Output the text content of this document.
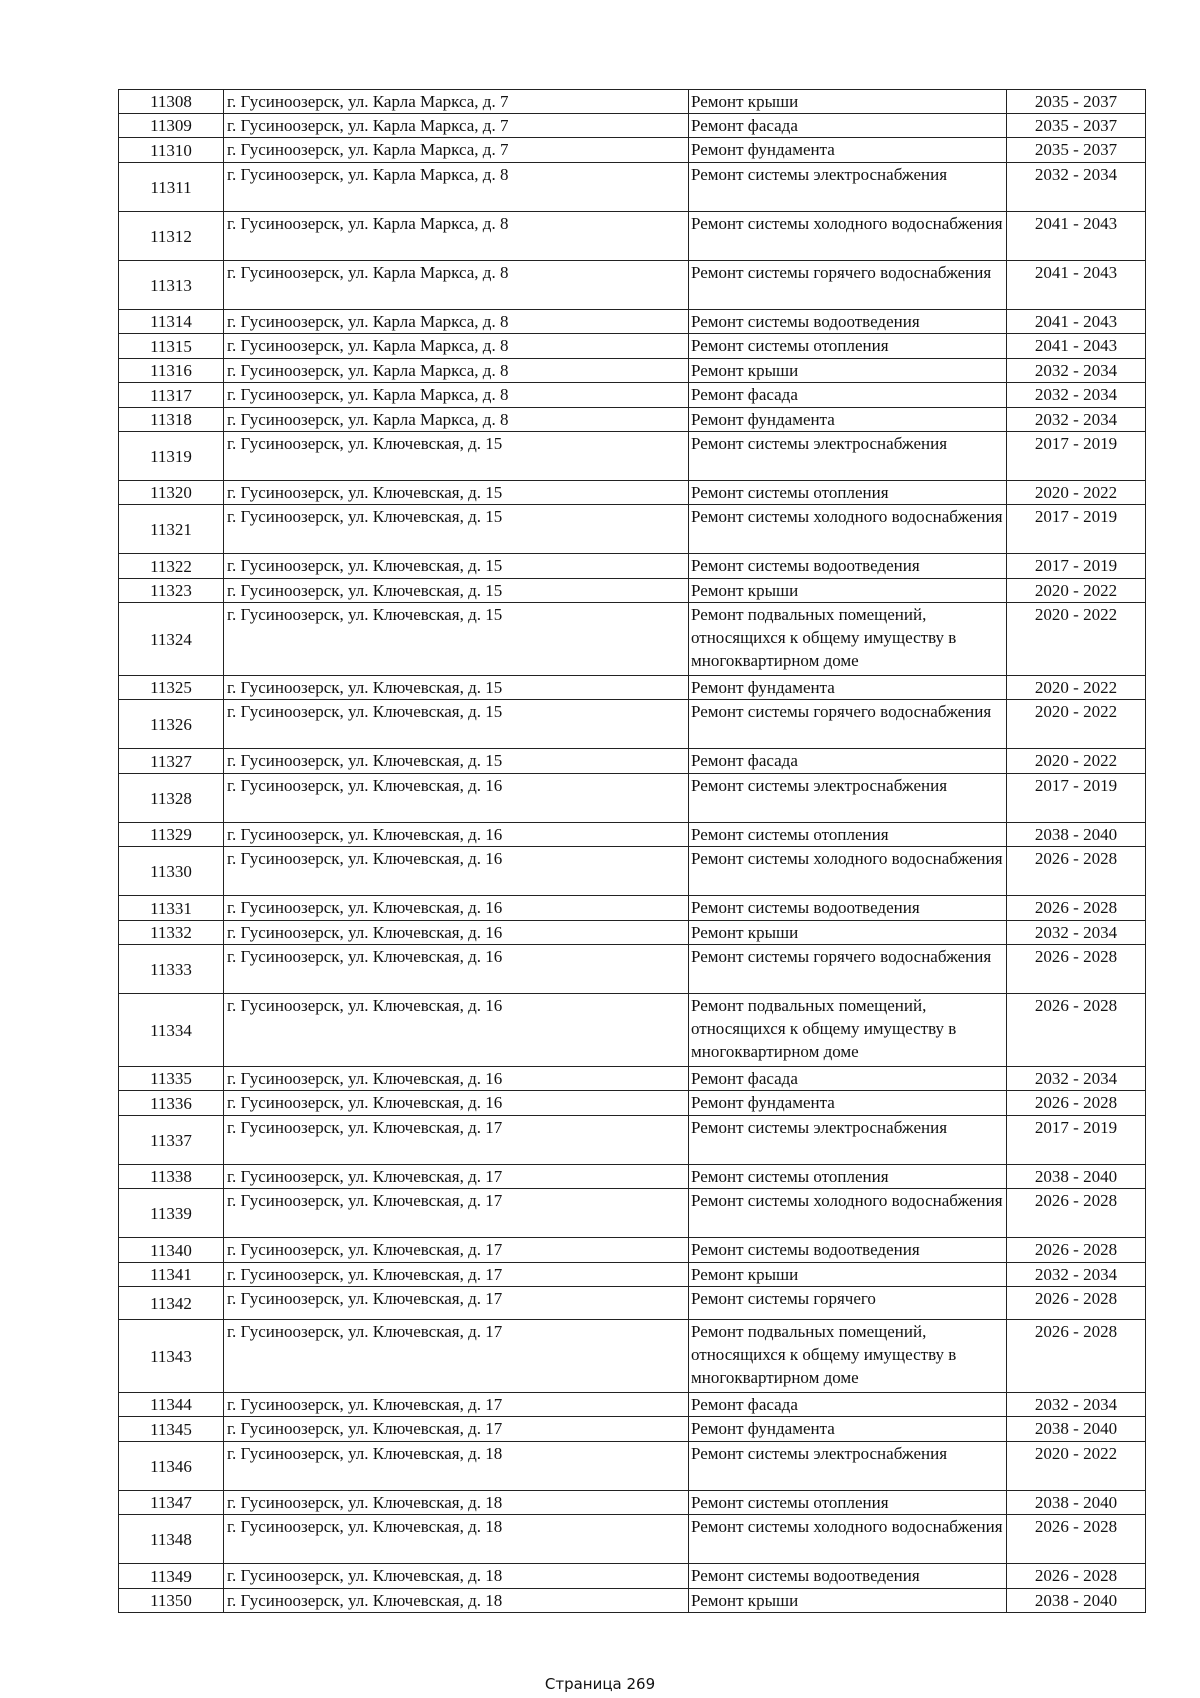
11308	г. Гусиноозерск, ул. Карла Маркса, д. 7	Ремонт крыши	2035 - 2037
11309	г. Гусиноозерск, ул. Карла Маркса, д. 7	Ремонт фасада	2035 - 2037
11310	г. Гусиноозерск, ул. Карла Маркса, д. 7	Ремонт фундамента	2035 - 2037
11311	г. Гусиноозерск, ул. Карла Маркса, д. 8	Ремонт системы электроснабжения	2032 - 2034
11312	г. Гусиноозерск, ул. Карла Маркса, д. 8	Ремонт системы холодного водоснабжения	2041 - 2043
11313	г. Гусиноозерск, ул. Карла Маркса, д. 8	Ремонт системы горячего водоснабжения	2041 - 2043
11314	г. Гусиноозерск, ул. Карла Маркса, д. 8	Ремонт системы водоотведения	2041 - 2043
11315	г. Гусиноозерск, ул. Карла Маркса, д. 8	Ремонт системы отопления	2041 - 2043
11316	г. Гусиноозерск, ул. Карла Маркса, д. 8	Ремонт крыши	2032 - 2034
11317	г. Гусиноозерск, ул. Карла Маркса, д. 8	Ремонт фасада	2032 - 2034
11318	г. Гусиноозерск, ул. Карла Маркса, д. 8	Ремонт фундамента	2032 - 2034
11319	г. Гусиноозерск, ул. Ключевская, д. 15	Ремонт системы электроснабжения	2017 - 2019
11320	г. Гусиноозерск, ул. Ключевская, д. 15	Ремонт системы отопления	2020 - 2022
11321	г. Гусиноозерск, ул. Ключевская, д. 15	Ремонт системы холодного водоснабжения	2017 - 2019
11322	г. Гусиноозерск, ул. Ключевская, д. 15	Ремонт системы водоотведения	2017 - 2019
11323	г. Гусиноозерск, ул. Ключевская, д. 15	Ремонт крыши	2020 - 2022
11324	г. Гусиноозерск, ул. Ключевская, д. 15	Ремонт подвальных помещений, относящихся к общему имуществу в многоквартирном доме	2020 - 2022
11325	г. Гусиноозерск, ул. Ключевская, д. 15	Ремонт фундамента	2020 - 2022
11326	г. Гусиноозерск, ул. Ключевская, д. 15	Ремонт системы горячего водоснабжения	2020 - 2022
11327	г. Гусиноозерск, ул. Ключевская, д. 15	Ремонт фасада	2020 - 2022
11328	г. Гусиноозерск, ул. Ключевская, д. 16	Ремонт системы электроснабжения	2017 - 2019
11329	г. Гусиноозерск, ул. Ключевская, д. 16	Ремонт системы отопления	2038 - 2040
11330	г. Гусиноозерск, ул. Ключевская, д. 16	Ремонт системы холодного водоснабжения	2026 - 2028
11331	г. Гусиноозерск, ул. Ключевская, д. 16	Ремонт системы водоотведения	2026 - 2028
11332	г. Гусиноозерск, ул. Ключевская, д. 16	Ремонт крыши	2032 - 2034
11333	г. Гусиноозерск, ул. Ключевская, д. 16	Ремонт системы горячего водоснабжения	2026 - 2028
11334	г. Гусиноозерск, ул. Ключевская, д. 16	Ремонт подвальных помещений, относящихся к общему имуществу в многоквартирном доме	2026 - 2028
11335	г. Гусиноозерск, ул. Ключевская, д. 16	Ремонт фасада	2032 - 2034
11336	г. Гусиноозерск, ул. Ключевская, д. 16	Ремонт фундамента	2026 - 2028
11337	г. Гусиноозерск, ул. Ключевская, д. 17	Ремонт системы электроснабжения	2017 - 2019
11338	г. Гусиноозерск, ул. Ключевская, д. 17	Ремонт системы отопления	2038 - 2040
11339	г. Гусиноозерск, ул. Ключевская, д. 17	Ремонт системы холодного водоснабжения	2026 - 2028
11340	г. Гусиноозерск, ул. Ключевская, д. 17	Ремонт системы водоотведения	2026 - 2028
11341	г. Гусиноозерск, ул. Ключевская, д. 17	Ремонт крыши	2032 - 2034
11342	г. Гусиноозерск, ул. Ключевская, д. 17	Ремонт системы горячего	2026 - 2028
11343	г. Гусиноозерск, ул. Ключевская, д. 17	Ремонт подвальных помещений, относящихся к общему имуществу в многоквартирном доме	2026 - 2028
11344	г. Гусиноозерск, ул. Ключевская, д. 17	Ремонт фасада	2032 - 2034
11345	г. Гусиноозерск, ул. Ключевская, д. 17	Ремонт фундамента	2038 - 2040
11346	г. Гусиноозерск, ул. Ключевская, д. 18	Ремонт системы электроснабжения	2020 - 2022
11347	г. Гусиноозерск, ул. Ключевская, д. 18	Ремонт системы отопления	2038 - 2040
11348	г. Гусиноозерск, ул. Ключевская, д. 18	Ремонт системы холодного водоснабжения	2026 - 2028
11349	г. Гусиноозерск, ул. Ключевская, д. 18	Ремонт системы водоотведения	2026 - 2028
11350	г. Гусиноозерск, ул. Ключевская, д. 18	Ремонт крыши	2038 - 2040
Страница 269
